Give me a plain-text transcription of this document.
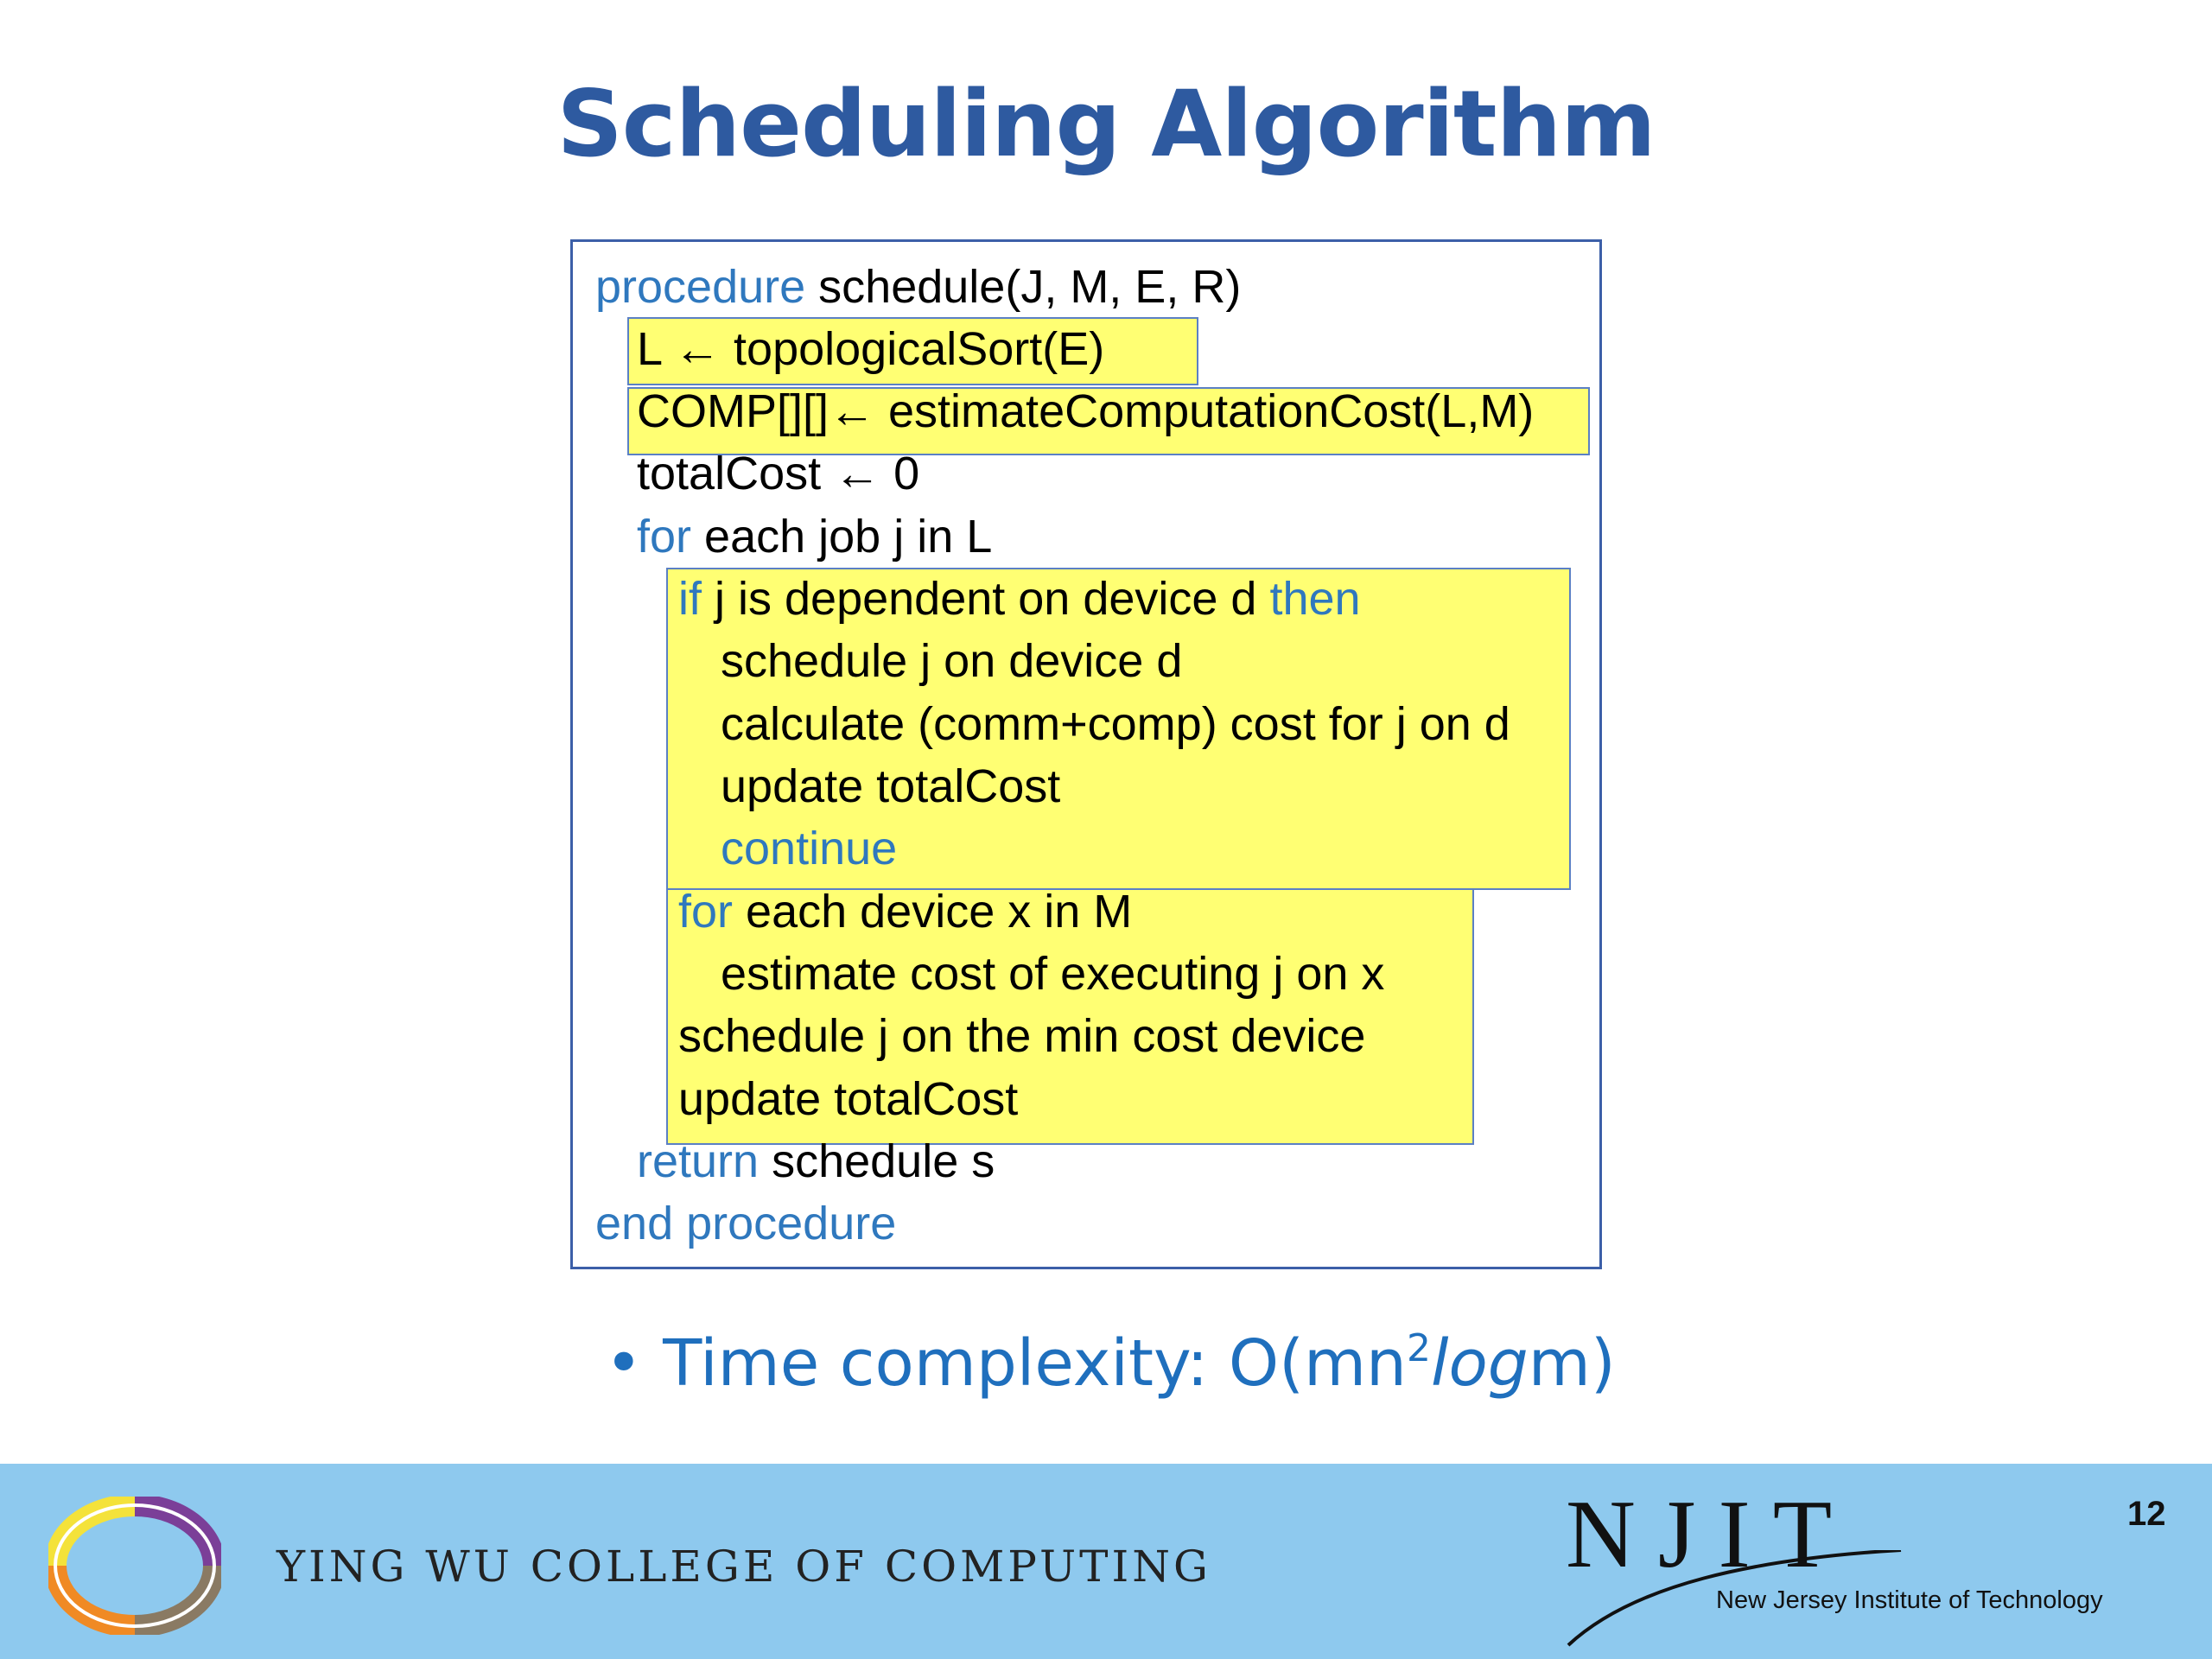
Scheduling Algorithm
procedure schedule(J, M, E, R)
L ← topologicalSort(E)
COMP[][]← estimateComputationCost(L,M)
totalCost ← 0
for each job j in L
if j is dependent on device d then
schedule j on device d
calculate (comm+comp) cost for j on d
update totalCost
continue
for each device x in M
estimate cost of executing j on x
schedule j on the min cost device
update totalCost
return schedule s
end procedure
• Time complexity: $O(mn^2\log m)$
YING WU COLLEGE OF COMPUTING	NJIT
New Jersey Institute of Technology
12
